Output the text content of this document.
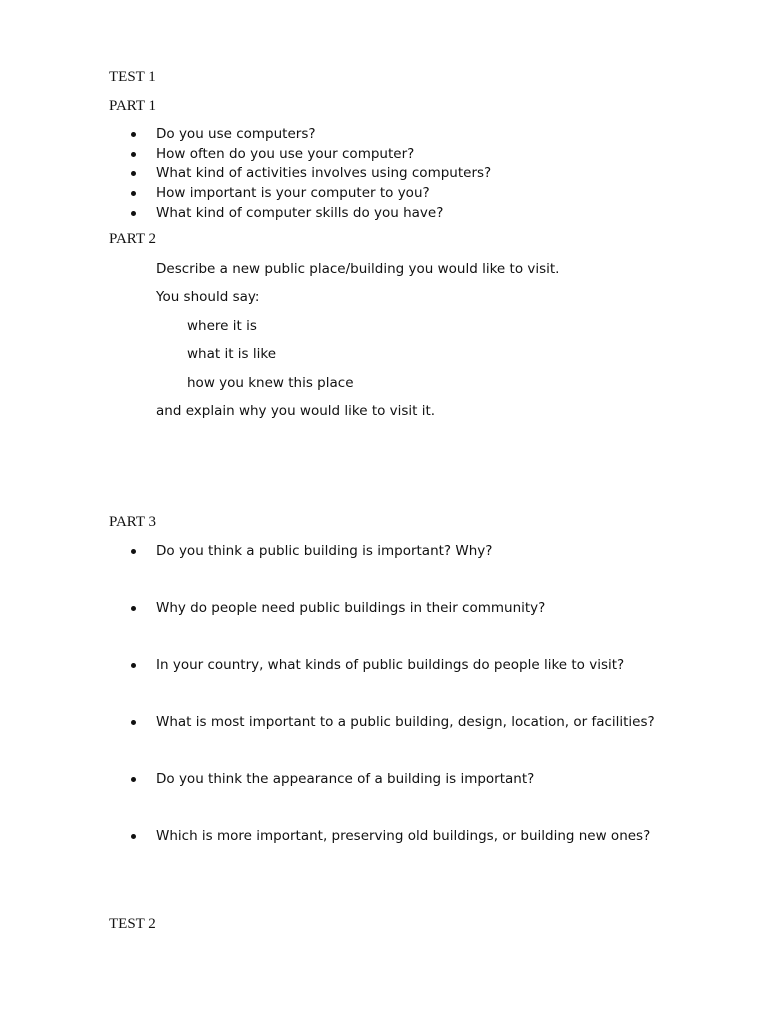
TEST 1
PART 1
Do you use computers?
How often do you use your computer?
What kind of activities involves using computers?
How important is your computer to you?
What kind of computer skills do you have?
PART 2
Describe a new public place/building you would like to visit.
You should say:
where it is
what it is like
how you knew this place
and explain why you would like to visit it.
PART 3
Do you think a public building is important? Why?
Why do people need public buildings in their community?
In your country, what kinds of public buildings do people like to visit?
What is most important to a public building, design, location, or facilities?
Do you think the appearance of a building is important?
Which is more important, preserving old buildings, or building new ones?
TEST 2
